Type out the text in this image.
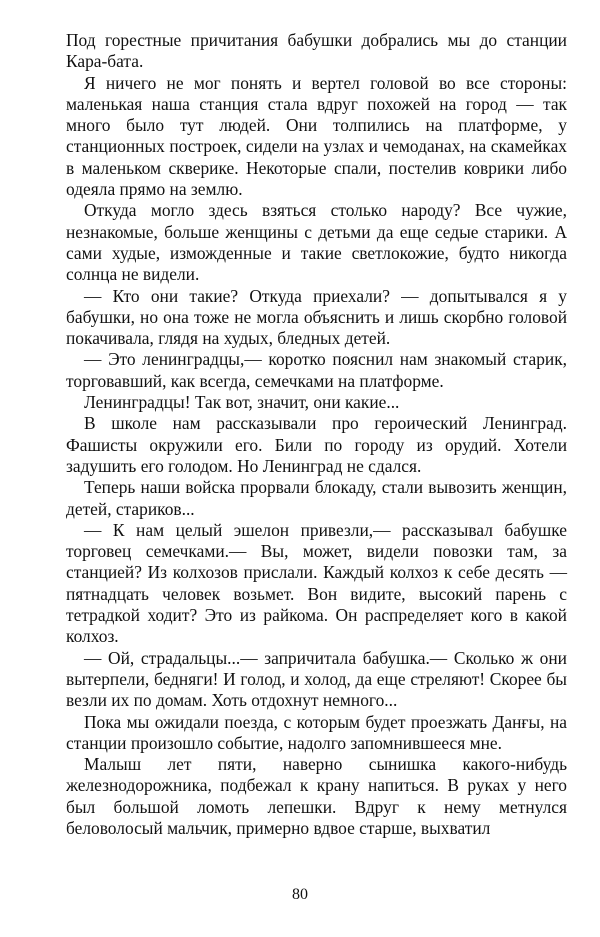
Под горестные причитания бабушки добрались мы до станции Кара-бата.

Я ничего не мог понять и вертел головой во все стороны: маленькая наша станция стала вдруг похожей на город — так много было тут людей. Они толпились на платформе, у станционных построек, сидели на узлах и чемоданах, на скамейках в маленьком скверике. Некоторые спали, постелив коврики либо одеяла прямо на землю.

Откуда могло здесь взяться столько народу? Все чужие, незнакомые, больше женщины с детьми да еще седые старики. А сами худые, изможденные и такие светлокожие, будто никогда солнца не видели.

— Кто они такие? Откуда приехали? — допытывался я у бабушки, но она тоже не могла объяснить и лишь скорбно головой покачивала, глядя на худых, бледных детей.

— Это ленинградцы,— коротко пояснил нам знакомый старик, торговавший, как всегда, семечками на платформе.

Ленинградцы! Так вот, значит, они какие...

В школе нам рассказывали про героический Ленинград. Фашисты окружили его. Били по городу из орудий. Хотели задушить его голодом. Но Ленинград не сдался.

Теперь наши войска прорвали блокаду, стали вывозить женщин, детей, стариков...

— К нам целый эшелон привезли,— рассказывал бабушке торговец семечками.— Вы, может, видели повозки там, за станцией? Из колхозов прислали. Каждый колхоз к себе десять — пятнадцать человек возьмет. Вон видите, высокий парень с тетрадкой ходит? Это из райкома. Он распределяет кого в какой колхоз.

— Ой, страдальцы...— запричитала бабушка.— Сколько ж они вытерпели, бедняги! И голод, и холод, да еще стреляют! Скорее бы везли их по домам. Хоть отдохнут немного...

Пока мы ожидали поезда, с которым будет проезжать Данғы, на станции произошло событие, надолго запомнившееся мне.

Малыш лет пяти, наверно сынишка какого-нибудь железнодорожника, подбежал к крану напиться. В руках у него был большой ломоть лепешки. Вдруг к нему метнулся беловолосый мальчик, примерно вдвое старше, выхватил

80
